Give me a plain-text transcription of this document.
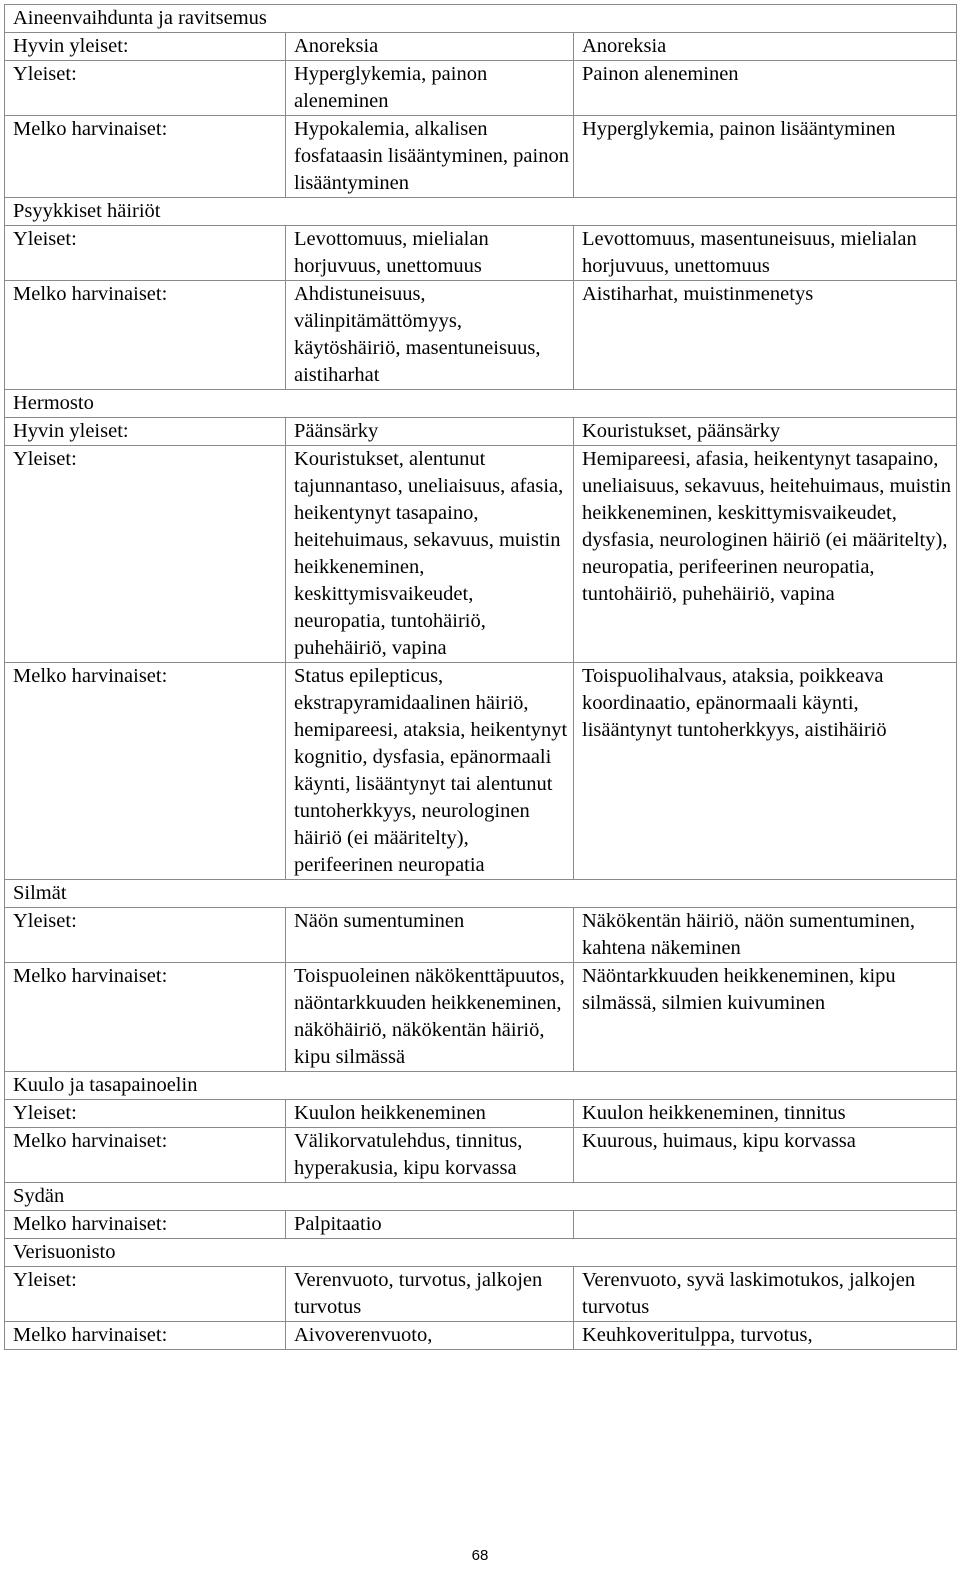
Aineenvaihdunta ja ravitsemus		
Hyvin yleiset:	Anoreksia	Anoreksia
Yleiset:	Hyperglykemia, painon aleneminen	Painon aleneminen
Melko harvinaiset:	Hypokalemia, alkalisen fosfataasin lisääntyminen, painon lisääntyminen	Hyperglykemia, painon lisääntyminen
Psyykkiset häiriöt		
Yleiset:	Levottomuus, mielialan horjuvuus, unettomuus	Levottomuus, masentuneisuus, mielialan horjuvuus, unettomuus
Melko harvinaiset:	Ahdistuneisuus, välinpitämättömyys, käytöshäiriö, masentuneisuus, aistiharhat	Aistiharhat, muistinmenetys
Hermosto		
Hyvin yleiset:	Päänsärky	Kouristukset, päänsärky
Yleiset:	Kouristukset, alentunut tajunnantaso, uneliaisuus, afasia, heikentynyt tasapaino, heitehuimaus, sekavuus, muistin heikkeneminen, keskittymisvaikeudet, neuropatia, tuntohäiriö, puhehäiriö, vapina	Hemipareesi, afasia, heikentynyt tasapaino, uneliaisuus, sekavuus, heitehuimaus, muistin heikkeneminen, keskittymisvaikeudet, dysfasia, neurologinen häiriö (ei määritelty), neuropatia, perifeerinen neuropatia, tuntohäiriö, puhehäiriö, vapina
Melko harvinaiset:	Status epilepticus, ekstrapyramidaalinen häiriö, hemipareesi, ataksia, heikentynyt kognitio, dysfasia, epänormaali käynti, lisääntynyt tai alentunut tuntoherkkyys, neurologinen häiriö (ei määritelty), perifeerinen neuropatia	Toispuolihalvaus, ataksia, poikkeava koordinaatio, epänormaali käynti, lisääntynyt tuntoherkkyys, aistihäiriö
Silmät		
Yleiset:	Näön sumentuminen	Näkökentän häiriö, näön sumentuminen, kahtena näkeminen
Melko harvinaiset:	Toispuoleinen näkökenttäpuutos, näöntarkkuuden heikkeneminen, näköhäiriö, näkökentän häiriö, kipu silmässä	Näöntarkkuuden heikkeneminen, kipu silmässä, silmien kuivuminen
Kuulo ja tasapainoelin		
Yleiset:	Kuulon heikkeneminen	Kuulon heikkeneminen, tinnitus
Melko harvinaiset:	Välikorvatulehdus, tinnitus, hyperakusia, kipu korvassa	Kuurous, huimaus, kipu korvassa
Sydän		
Melko harvinaiset:	Palpitaatio	
Verisuonisto		
Yleiset:	Verenvuoto, turvotus, jalkojen turvotus	Verenvuoto, syvä laskimotukos, jalkojen turvotus
Melko harvinaiset:	Aivoverenvuoto,	Keuhkoveritulppa, turvotus,
68
